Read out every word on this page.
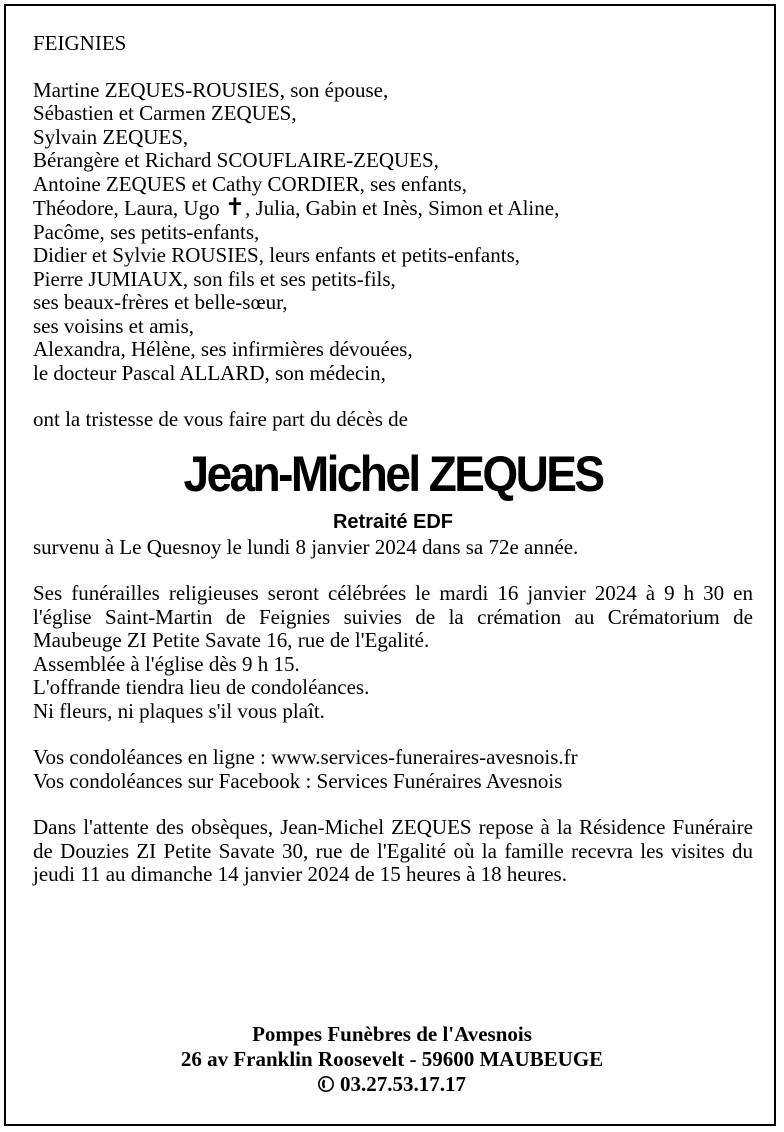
FEIGNIES
Martine ZEQUES-ROUSIES, son épouse,
Sébastien et Carmen ZEQUES,
Sylvain ZEQUES,
Bérangère et Richard SCOUFLAIRE-ZEQUES,
Antoine ZEQUES et Cathy CORDIER, ses enfants,
Théodore, Laura, Ugo ✝, Julia, Gabin et Inès, Simon et Aline,
Pacôme, ses petits-enfants,
Didier et Sylvie ROUSIES, leurs enfants et petits-enfants,
Pierre JUMIAUX, son fils et ses petits-fils,
ses beaux-frères et belle-sœur,
ses voisins et amis,
Alexandra, Hélène, ses infirmières dévouées,
le docteur Pascal ALLARD, son médecin,
ont la tristesse de vous faire part du décès de
Jean-Michel ZEQUES
Retraité EDF
survenu à Le Quesnoy le lundi 8 janvier 2024 dans sa 72e année.
Ses funérailles religieuses seront célébrées le mardi 16 janvier 2024 à 9 h 30 en l'église Saint-Martin de Feignies suivies de la crémation au Crématorium de Maubeuge ZI Petite Savate 16, rue de l'Egalité.
Assemblée à l'église dès 9 h 15.
L'offrande tiendra lieu de condoléances.
Ni fleurs, ni plaques s'il vous plaît.
Vos condoléances en ligne : www.services-funeraires-avesnois.fr
Vos condoléances sur Facebook : Services Funéraires Avesnois
Dans l'attente des obsèques, Jean-Michel ZEQUES repose à la Résidence Funéraire de Douzies ZI Petite Savate 30, rue de l'Egalité où la famille recevra les visites du jeudi 11 au dimanche 14 janvier 2024 de 15 heures à 18 heures.
Pompes Funèbres de l'Avesnois
26 av Franklin Roosevelt - 59600 MAUBEUGE
03.27.53.17.17
